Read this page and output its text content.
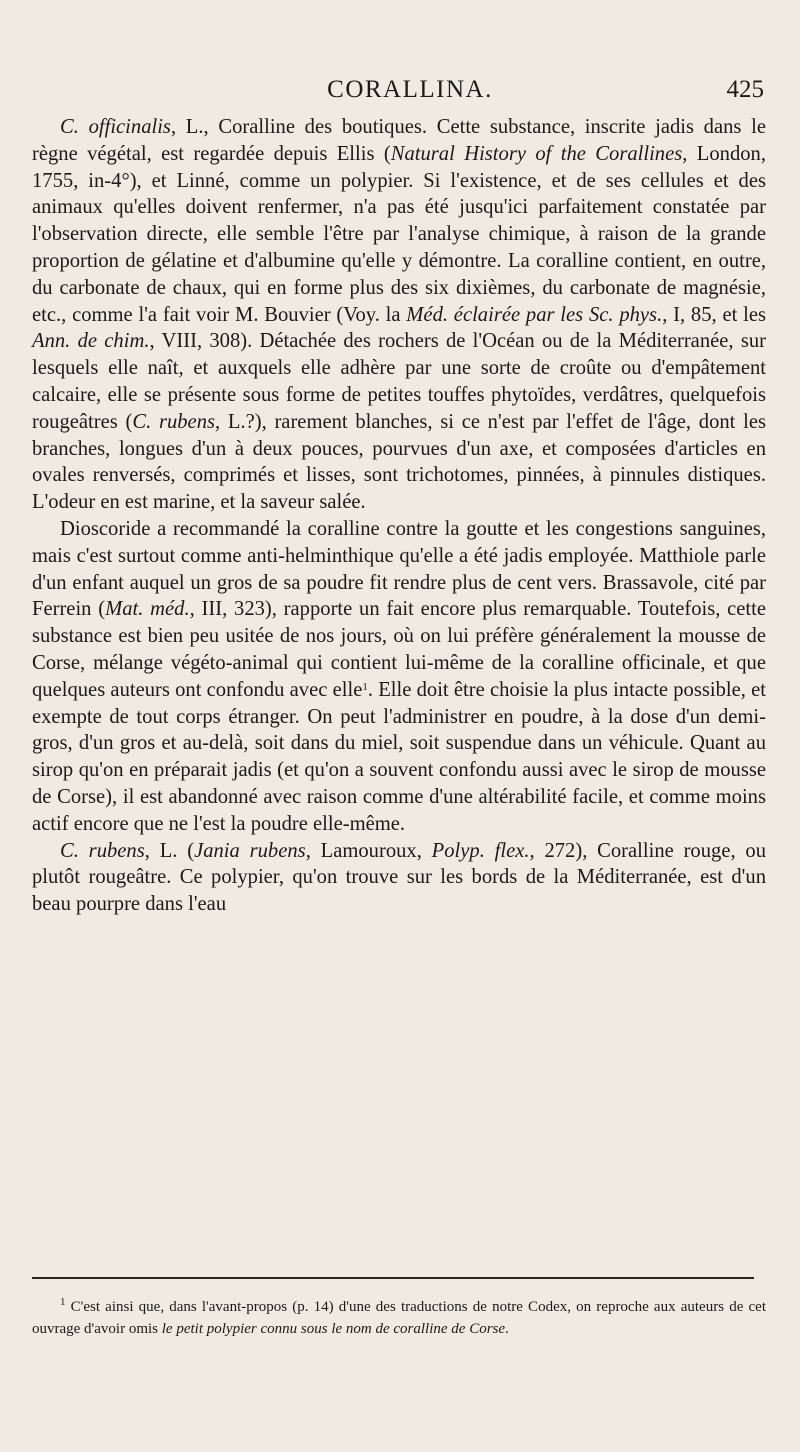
CORALLINA.	425

C. officinalis, L., Coralline des boutiques. Cette substance, inscrite jadis dans le règne végétal, est regardée depuis Ellis (Natural History of the Corallines, London, 1755, in-4°), et Linné, comme un polypier. Si l'existence, et de ses cellules et des animaux qu'elles doivent renfermer, n'a pas été jusqu'ici parfaitement constatée par l'observation directe, elle semble l'être par l'analyse chimique, à raison de la grande proportion de gélatine et d'albumine qu'elle y démontre. La coralline contient, en outre, du carbonate de chaux, qui en forme plus des six dixièmes, du carbonate de magnésie, etc., comme l'a fait voir M. Bouvier (Voy. la Méd. éclairée par les Sc. phys., I, 85, et les Ann. de chim., VIII, 308). Détachée des rochers de l'Océan ou de la Méditerranée, sur lesquels elle naît, et auxquels elle adhère par une sorte de croûte ou d'empâtement calcaire, elle se présente sous forme de petites touffes phytoïdes, verdâtres, quelquefois rougeâtres (C. rubens, L.?), rarement blanches, si ce n'est par l'effet de l'âge, dont les branches, longues d'un à deux pouces, pourvues d'un axe, et composées d'articles en ovales renversés, comprimés et lisses, sont trichotomes, pinnées, à pinnules distiques. L'odeur en est marine, et la saveur salée.

Dioscoride a recommandé la coralline contre la goutte et les congestions sanguines, mais c'est surtout comme anti-helminthique qu'elle a été jadis employée. Matthiole parle d'un enfant auquel un gros de sa poudre fit rendre plus de cent vers. Brassavole, cité par Ferrein (Mat. méd., III, 323), rapporte un fait encore plus remarquable. Toutefois, cette substance est bien peu usitée de nos jours, où on lui préfère généralement la mousse de Corse, mélange végéto-animal qui contient lui-même de la coralline officinale, et que quelques auteurs ont confondu avec elle$^1$. Elle doit être choisie la plus intacte possible, et exempte de tout corps étranger. On peut l'administrer en poudre, à la dose d'un demi-gros, d'un gros et au-delà, soit dans du miel, soit suspendue dans un véhicule. Quant au sirop qu'on en préparait jadis (et qu'on a souvent confondu aussi avec le sirop de mousse de Corse), il est abandonné avec raison comme d'une altérabilité facile, et comme moins actif encore que ne l'est la poudre elle-même.

C. rubens, L. (Jania rubens, Lamouroux, Polyp. flex., 272), Coralline rouge, ou plutôt rougeâtre. Ce polypier, qu'on trouve sur les bords de la Méditerranée, est d'un beau pourpre dans l'eau

$^1$ C'est ainsi que, dans l'avant-propos (p. 14) d'une des traductions de notre Codex, on reproche aux auteurs de cet ouvrage d'avoir omis le petit polypier connu sous le nom de coralline de Corse.
